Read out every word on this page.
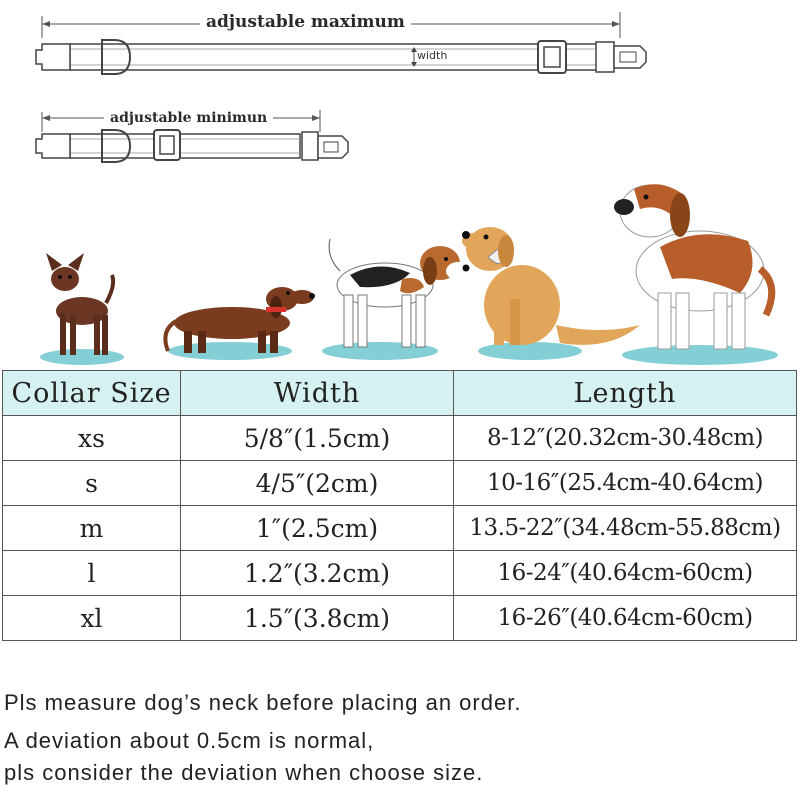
adjustable maximum
width
adjustable minimun
Collar Size	Width	Length
xs	5/8″(1.5cm)	8-12″(20.32cm-30.48cm)
s	4/5″(2cm)	10-16″(25.4cm-40.64cm)
m	1″(2.5cm)	13.5-22″(34.48cm-55.88cm)
l	1.2″(3.2cm)	16-24″(40.64cm-60cm)
xl	1.5″(3.8cm)	16-26″(40.64cm-60cm)
Pls measure dog’s neck before placing an order.
A deviation about 0.5cm is normal,
pls consider the deviation when choose size.
